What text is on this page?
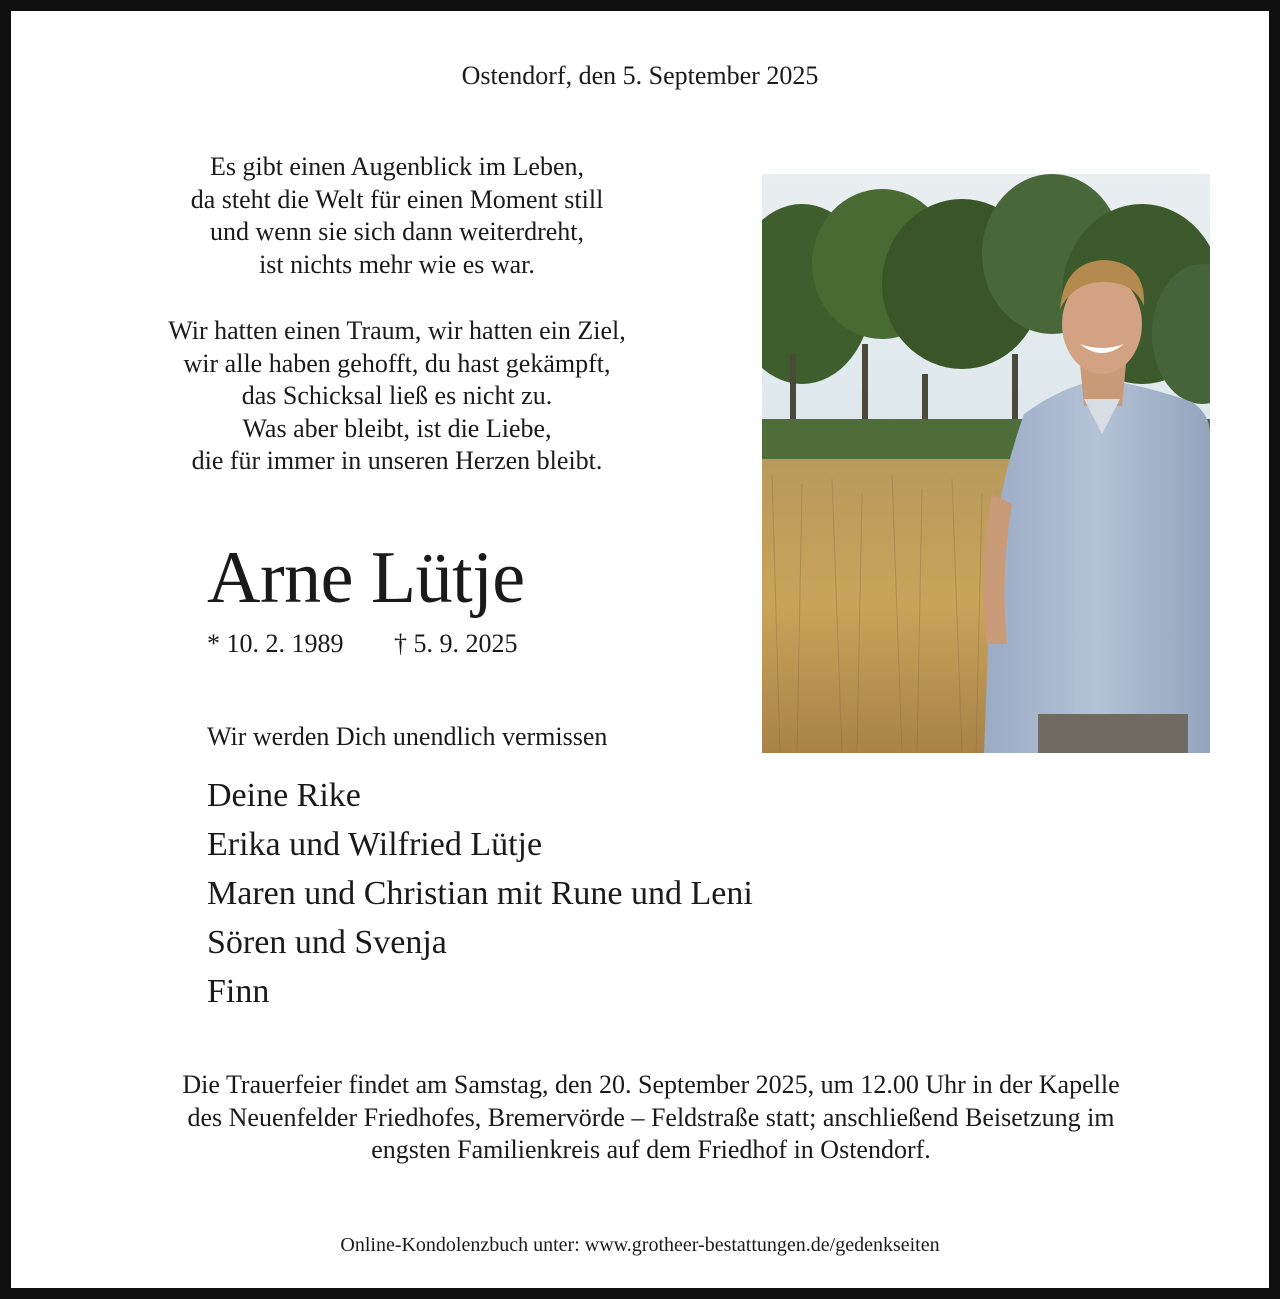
Ostendorf, den 5. September 2025
Es gibt einen Augenblick im Leben,
da steht die Welt für einen Moment still
und wenn sie sich dann weiterdreht,
ist nichts mehr wie es war.
Wir hatten einen Traum, wir hatten ein Ziel,
wir alle haben gehofft, du hast gekämpft,
das Schicksal ließ es nicht zu.
Was aber bleibt, ist die Liebe,
die für immer in unseren Herzen bleibt.
Arne Lütje
* 10. 2. 1989 † 5. 9. 2025
Wir werden Dich unendlich vermissen
Deine Rike
Erika und Wilfried Lütje
Maren und Christian mit Rune und Leni
Sören und Svenja
Finn
Die Trauerfeier findet am Samstag, den 20. September 2025, um 12.00 Uhr in der Kapelle
des Neuenfelder Friedhofes, Bremervörde – Feldstraße statt; anschließend Beisetzung im
engsten Familienkreis auf dem Friedhof in Ostendorf.
Online-Kondolenzbuch unter: www.grotheer-bestattungen.de/gedenkseiten
